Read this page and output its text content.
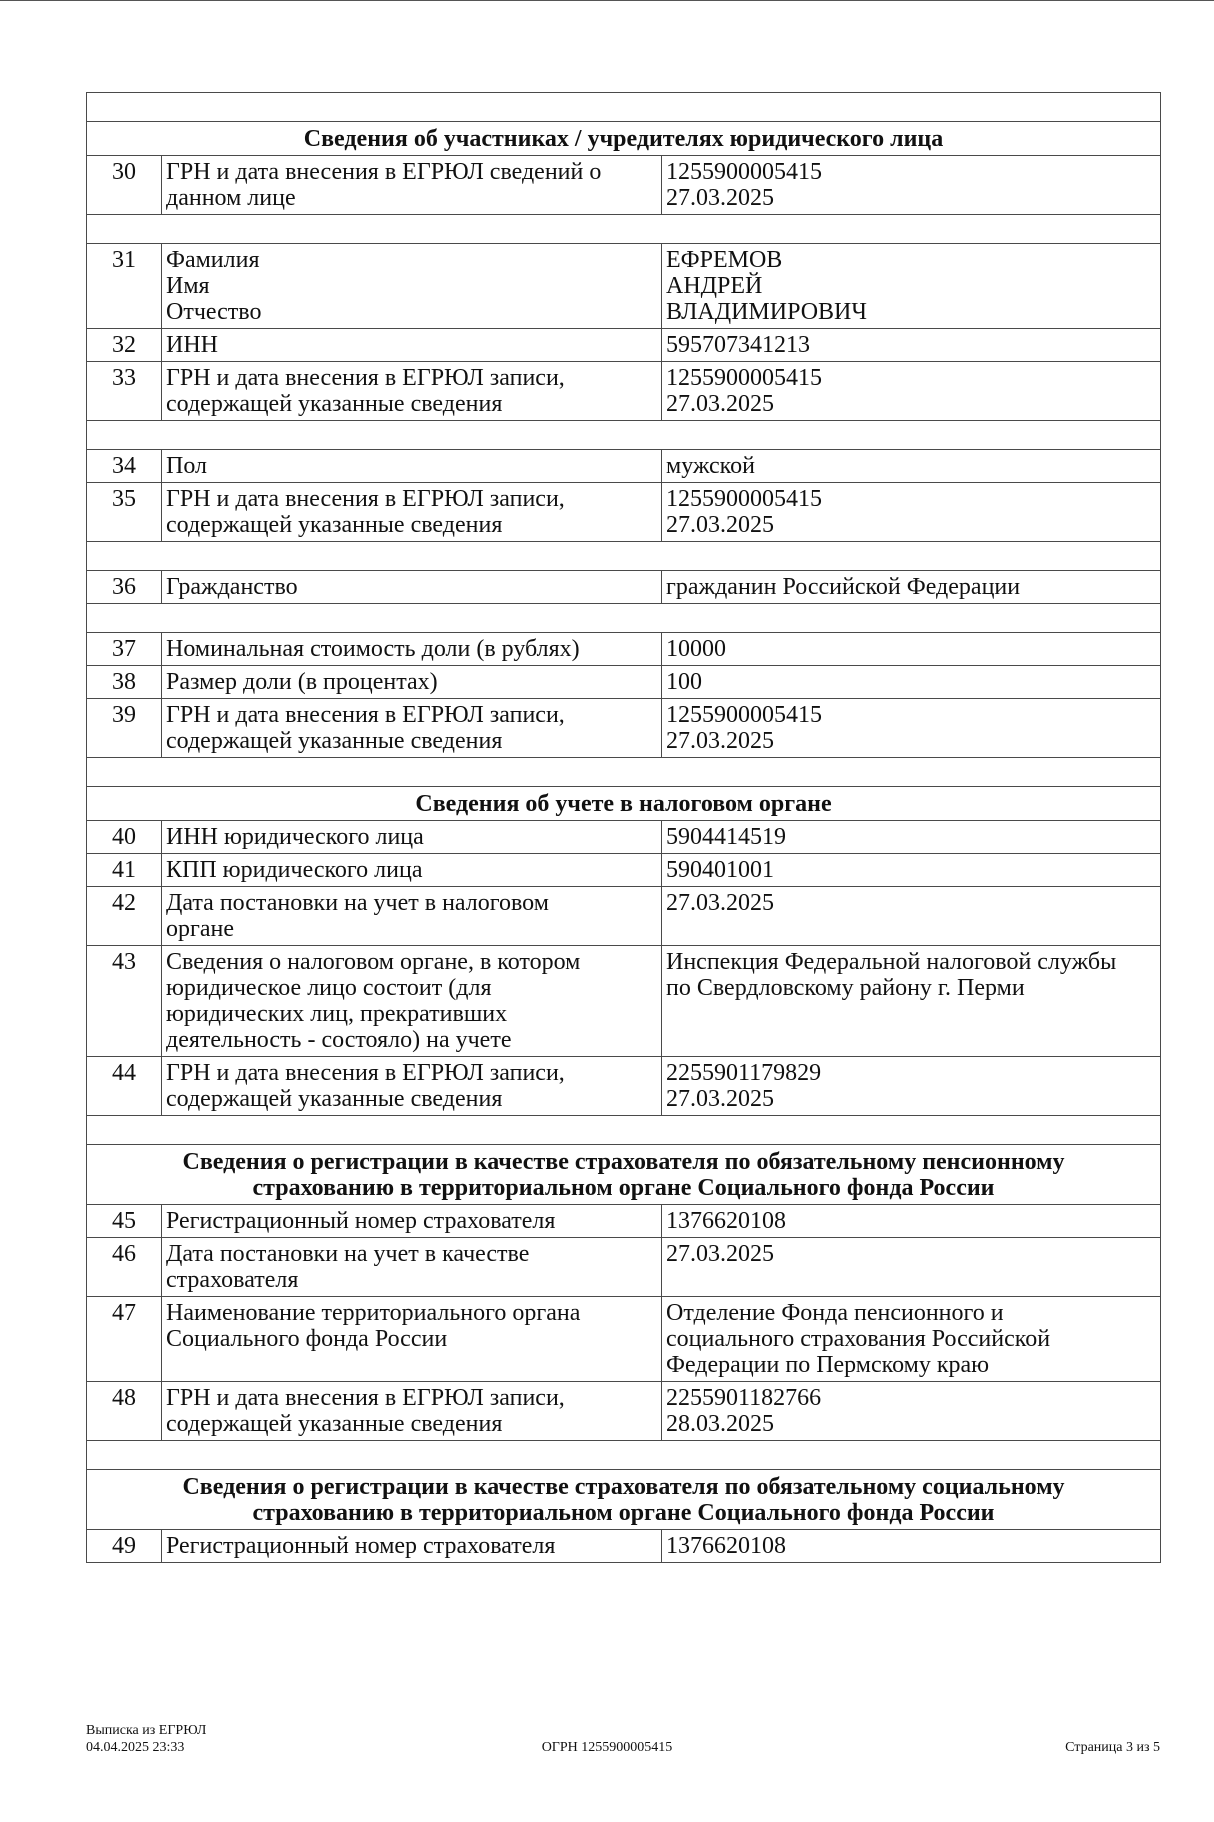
Сведения об участниках / учредителях юридического лица		
30	ГРН и дата внесения в ЕГРЮЛ сведений о
данном лице	1255900005415
27.03.2025

31	Фамилия
Имя
Отчество	ЕФРЕМОВ
АНДРЕЙ
ВЛАДИМИРОВИЧ
32	ИНН	595707341213
33	ГРН и дата внесения в ЕГРЮЛ записи,
содержащей указанные сведения	1255900005415
27.03.2025

34	Пол	мужской
35	ГРН и дата внесения в ЕГРЮЛ записи,
содержащей указанные сведения	1255900005415
27.03.2025

36	Гражданство	гражданин Российской Федерации

37	Номинальная стоимость доли (в рублях)	10000
38	Размер доли (в процентах)	100
39	ГРН и дата внесения в ЕГРЮЛ записи,
содержащей указанные сведения	1255900005415
27.03.2025

Сведения об учете в налоговом органе		
40	ИНН юридического лица	5904414519
41	КПП юридического лица	590401001
42	Дата постановки на учет в налоговом
органе	27.03.2025
43	Сведения о налоговом органе, в котором
юридическое лицо состоит (для
юридических лиц, прекративших
деятельность - состояло) на учете	Инспекция Федеральной налоговой службы
по Свердловскому району г. Перми
44	ГРН и дата внесения в ЕГРЮЛ записи,
содержащей указанные сведения	2255901179829
27.03.2025

Сведения о регистрации в качестве страхователя по обязательному пенсионному
страхованию в территориальном органе Социального фонда России		
45	Регистрационный номер страхователя	1376620108
46	Дата постановки на учет в качестве
страхователя	27.03.2025
47	Наименование территориального органа
Социального фонда России	Отделение Фонда пенсионного и
социального страхования Российской
Федерации по Пермскому краю
48	ГРН и дата внесения в ЕГРЮЛ записи,
содержащей указанные сведения	2255901182766
28.03.2025

Сведения о регистрации в качестве страхователя по обязательному социальному
страхованию в территориальном органе Социального фонда России		
49	Регистрационный номер страхователя	1376620108
Выписка из ЕГРЮЛ
04.04.2025 23:33	ОГРН 1255900005415	Страница 3 из 5
